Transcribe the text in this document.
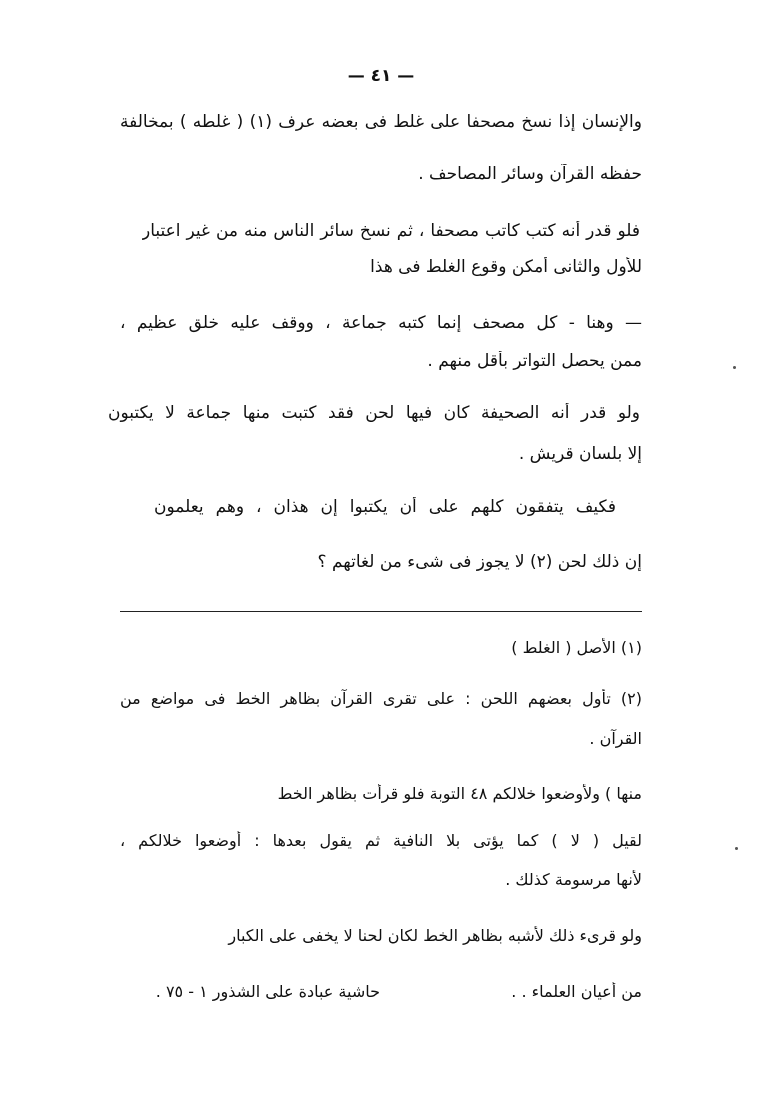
— ٤١ —
والإنسان إذا نسخ مصحفا على غلط فى بعضه عرف (١) ( غلطه ) بمخالفة
حفظه القرآن وسائر المصاحف .
فلو قدر أنه كتب كاتب مصحفا ، ثم نسخ سائر الناس منه من غير اعتبار
للأول والثانى أمكن وقوع الغلط فى هذا
— وهنا - كل مصحف إنما كتبه جماعة ، ووقف عليه خلق عظيم ،
ممن يحصل التواتر بأقل منهم .
ولو قدر أنه الصحيفة كان فيها لحن فقد كتبت منها جماعة لا يكتبون
إلا بلسان قريش .
فكيف يتفقون كلهم على أن يكتبوا إن هذان ، وهم يعلمون
إن ذلك لحن (٢) لا يجوز فى شىء من لغاتهم ؟
(١) الأصل ( الغلط )
(٢) تأول بعضهم اللحن : على تقرى القرآن بظاهر الخط فى مواضع من
القرآن .
منها ) ولأوضعوا خلالكم ٤٨ التوبة فلو قرأت بظاهر الخط
لقيل ( لا ) كما يؤتى بلا النافية ثم يقول بعدها : أوضعوا خلالكم ،
لأنها مرسومة كذلك .
ولو قرىء ذلك لأشبه بظاهر الخط لكان لحنا لا يخفى على الكبار
من أعيان العلماء . .
حاشية عبادة على الشذور ١ - ٧٥ .
